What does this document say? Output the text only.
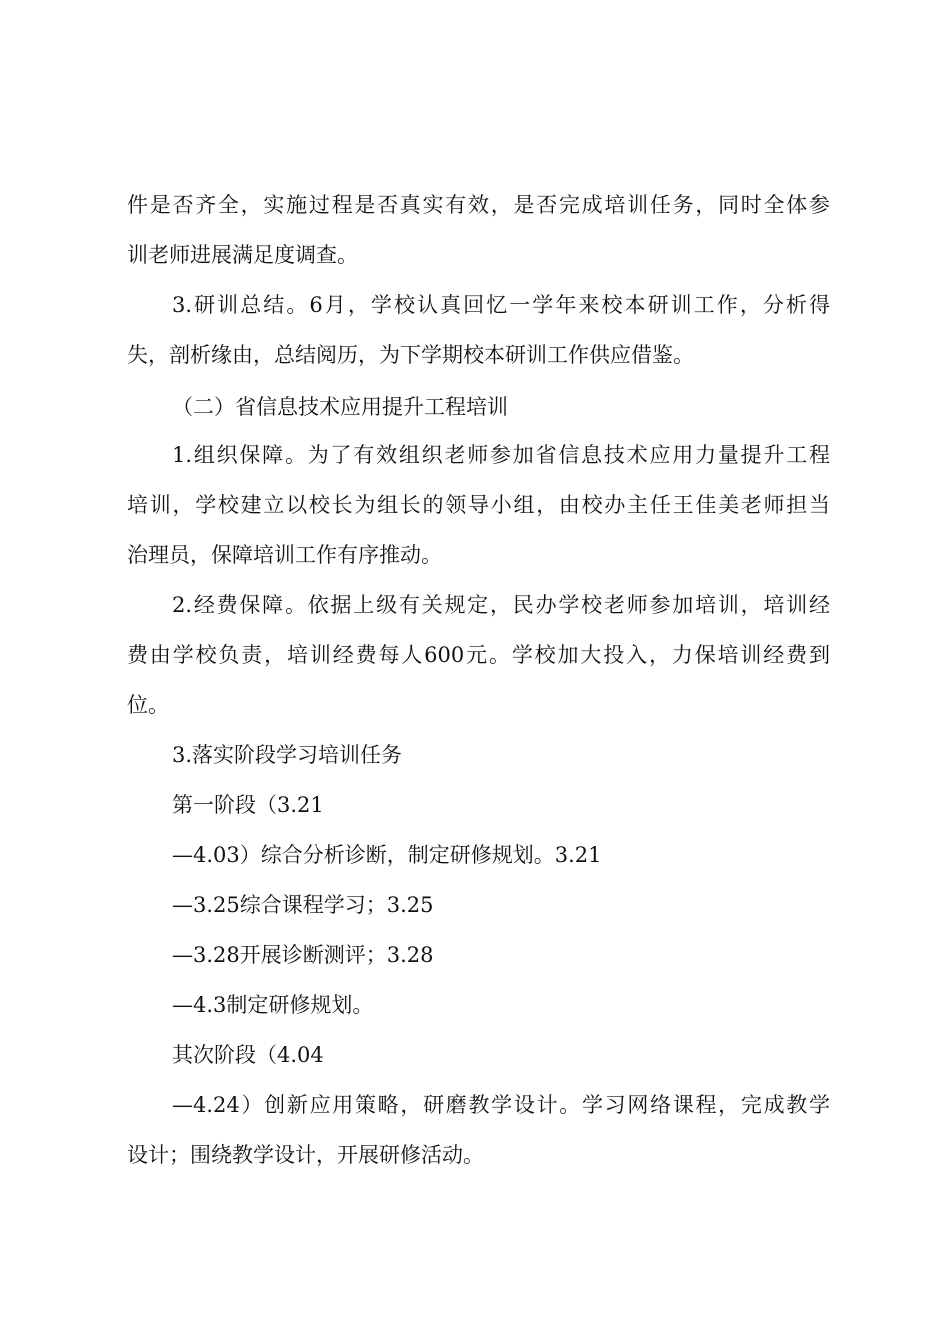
件是否齐全，实施过程是否真实有效，是否完成培训任务，同时全体参
训老师进展满足度调查。
3.研训总结。6月，学校认真回忆一学年来校本研训工作，分析得
失，剖析缘由，总结阅历，为下学期校本研训工作供应借鉴。
（二）省信息技术应用提升工程培训
1.组织保障。为了有效组织老师参加省信息技术应用力量提升工程
培训，学校建立以校长为组长的领导小组，由校办主任王佳美老师担当
治理员，保障培训工作有序推动。
2.经费保障。依据上级有关规定，民办学校老师参加培训，培训经
费由学校负责，培训经费每人600元。学校加大投入，力保培训经费到
位。
3.落实阶段学习培训任务
第一阶段（3.21
—4.03）综合分析诊断，制定研修规划。3.21
—3.25综合课程学习；3.25
—3.28开展诊断测评；3.28
—4.3制定研修规划。
其次阶段（4.04
—4.24）创新应用策略，研磨教学设计。学习网络课程，完成教学
设计；围绕教学设计，开展研修活动。
